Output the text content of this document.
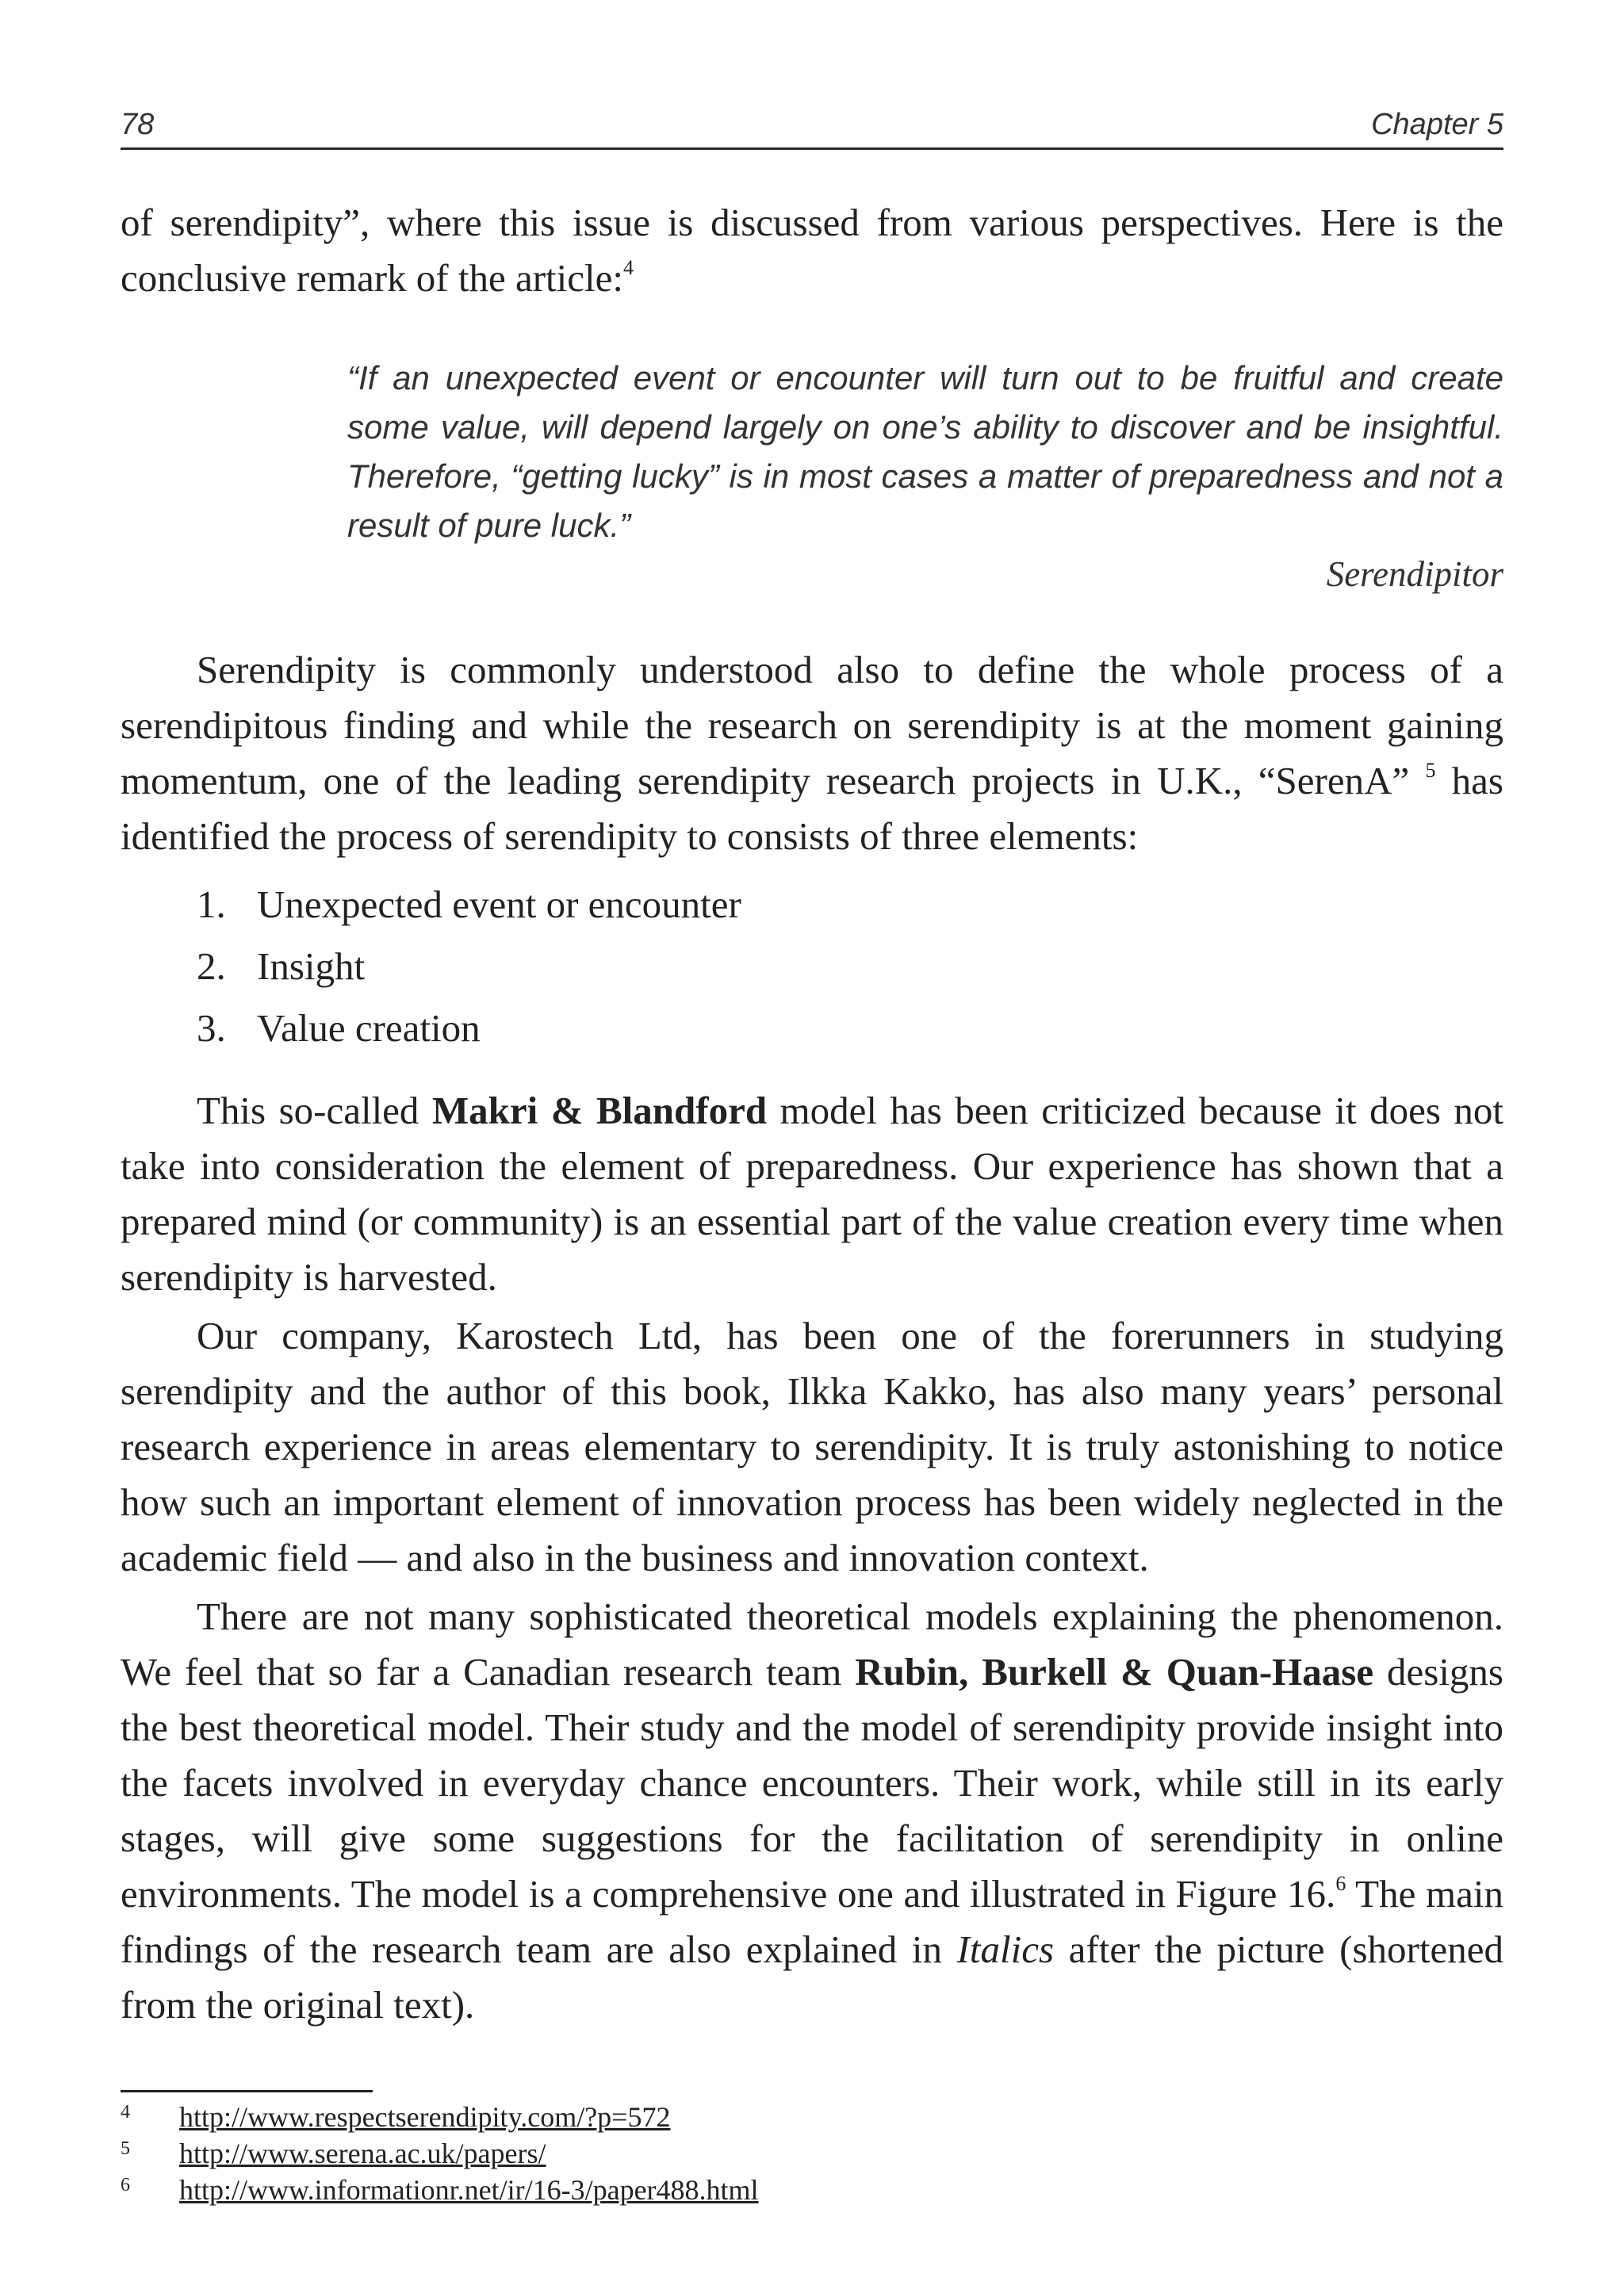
78	Chapter 5

of serendipity”, where this issue is discussed from various perspectives. Here is the conclusive remark of the article:$^4$

“If an unexpected event or encounter will turn out to be fruitful and create some value, will depend largely on one’s ability to discover and be insightful. Therefore, “getting lucky” is in most cases a matter of preparedness and not a result of pure luck.”
Serendipitor

Serendipity is commonly understood also to define the whole process of a serendipitous finding and while the research on serendipity is at the moment gaining momentum, one of the leading serendipity research projects in U.K., “SerenA” $^5$ has identified the process of serendipity to consists of three elements:

1. Unexpected event or encounter
2. Insight
3. Value creation

This so-called Makri & Blandford model has been criticized because it does not take into consideration the element of preparedness. Our experience has shown that a prepared mind (or community) is an essential part of the value creation every time when serendipity is harvested.

Our company, Karostech Ltd, has been one of the forerunners in studying serendipity and the author of this book, Ilkka Kakko, has also many years’ personal research experience in areas elementary to serendipity. It is truly astonishing to notice how such an important element of innovation process has been widely neglected in the academic field — and also in the business and innovation context.

There are not many sophisticated theoretical models explaining the phenomenon. We feel that so far a Canadian research team Rubin, Burkell & Quan-Haase designs the best theoretical model. Their study and the model of serendipity provide insight into the facets involved in everyday chance encounters. Their work, while still in its early stages, will give some suggestions for the facilitation of serendipity in online environments. The model is a comprehensive one and illustrated in Figure 16.$^6$ The main findings of the research team are also explained in Italics after the picture (shortened from the original text).

4 http://www.respectserendipity.com/?p=572
5 http://www.serena.ac.uk/papers/
6 http://www.informationr.net/ir/16-3/paper488.html
